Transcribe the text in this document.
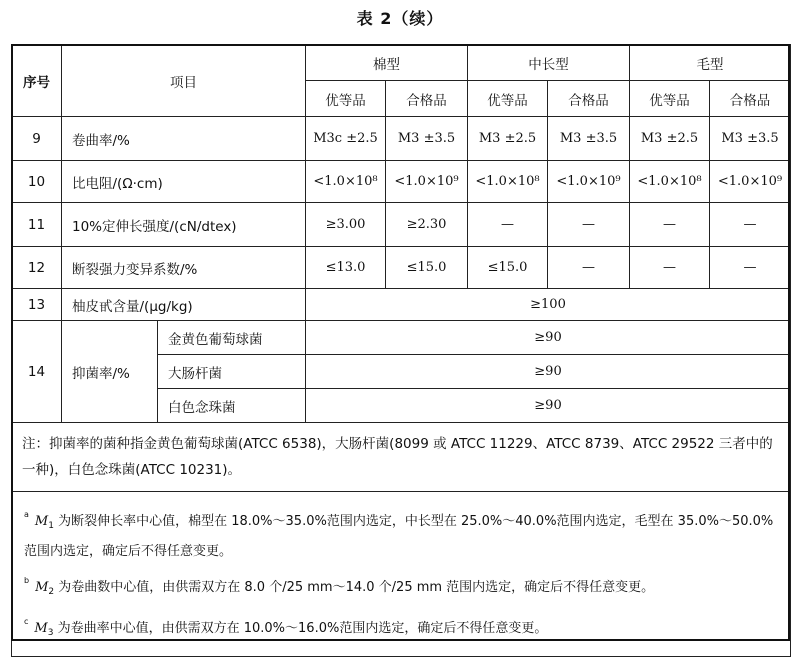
表 2（续）
序号	项目		棉型		中长型		毛型	
			优等品	合格品	优等品	合格品	优等品	合格品
9	卷曲率/%		M3c ±2.5	M3 ±3.5	M3 ±2.5	M3 ±3.5	M3 ±2.5	M3 ±3.5
10	比电阻/(Ω·cm)		<1.0×10⁸	<1.0×10⁹	<1.0×10⁸	<1.0×10⁹	<1.0×10⁸	<1.0×10⁹
11	10%定伸长强度/(cN/dtex)		≥3.00	≥2.30	—	—	—	—
12	断裂强力变异系数/%		≤13.0	≤15.0	≤15.0	—	—	—
13	柚皮甙含量/(μg/kg)		≥100					
14	抑菌率/%	金黄色葡萄球菌	≥90					
		大肠杆菌	≥90					
		白色念珠菌	≥90					
注：抑菌率的菌种指金黄色葡萄球菌(ATCC 6538)，大肠杆菌(8099 或 ATCC 11229、ATCC 8739、ATCC 29522 三者中的一种)，白色念珠菌(ATCC 10231)。								

$^a$ $M_1$ 为断裂伸长率中心值，棉型在 18.0%～35.0%范围内选定，中长型在 25.0%～40.0%范围内选定，毛型在 35.0%～50.0%范围内选定，确定后不得任意变更。

$^b$ $M_2$ 为卷曲数中心值，由供需双方在 8.0 个/25 mm～14.0 个/25 mm 范围内选定，确定后不得任意变更。

$^c$ $M_3$ 为卷曲率中心值，由供需双方在 10.0%～16.0%范围内选定，确定后不得任意变更。								
